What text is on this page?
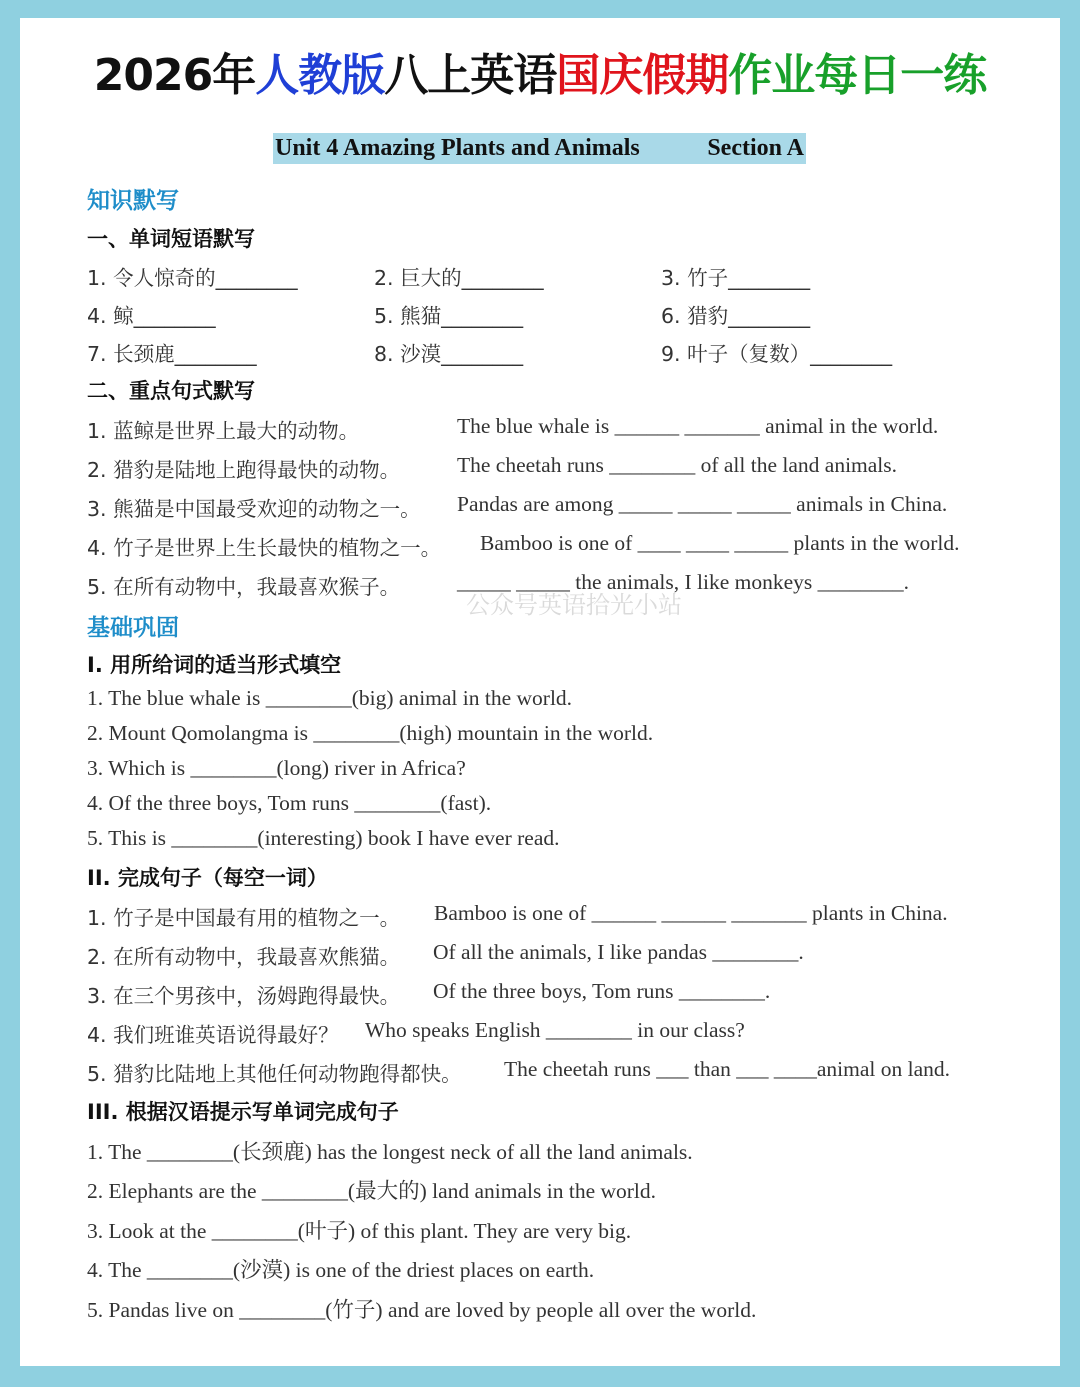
2026年人教版八上英语国庆假期作业每日一练
Unit 4 Amazing Plants and Animals	Section A
知识默写
一、单词短语默写
1. 令人惊奇的________	2. 巨大的________	3. 竹子________
4. 鲸________	5. 熊猫________	6. 猎豹________
7. 长颈鹿________	8. 沙漠________	9. 叶子（复数）________
二、重点句式默写
1. 蓝鲸是世界上最大的动物。	The blue whale is ______ _______ animal in the world.
2. 猎豹是陆地上跑得最快的动物。	The cheetah runs ________ of all the land animals.
3. 熊猫是中国最受欢迎的动物之一。 Pandas are among _____ _____ _____ animals in China.
4. 竹子是世界上生长最快的植物之一。 Bamboo is one of ____ ____ _____ plants in the world.
5. 在所有动物中，我最喜欢猴子。	_____ _____ the animals, I like monkeys ________.
公众号英语拾光小站
基础巩固
I. 用所给词的适当形式填空
1. The blue whale is ________(big) animal in the world.
2. Mount Qomolangma is ________(high) mountain in the world.
3. Which is ________(long) river in Africa?
4. Of the three boys, Tom runs ________(fast).
5. This is ________(interesting) book I have ever read.
II. 完成句子（每空一词）
1. 竹子是中国最有用的植物之一。 Bamboo is one of ______ ______ _______ plants in China.
2. 在所有动物中，我最喜欢熊猫。 Of all the animals, I like pandas ________.
3. 在三个男孩中，汤姆跑得最快。 Of the three boys, Tom runs ________.
4. 我们班谁英语说得最好？ Who speaks English ________ in our class?
5. 猎豹比陆地上其他任何动物跑得都快。 The cheetah runs ___ than ___ ____animal on land.
III. 根据汉语提示写单词完成句子
1. The ________(长颈鹿) has the longest neck of all the land animals.
2. Elephants are the ________(最大的) land animals in the world.
3. Look at the ________(叶子) of this plant. They are very big.
4. The ________(沙漠) is one of the driest places on earth.
5. Pandas live on ________(竹子) and are loved by people all over the world.
